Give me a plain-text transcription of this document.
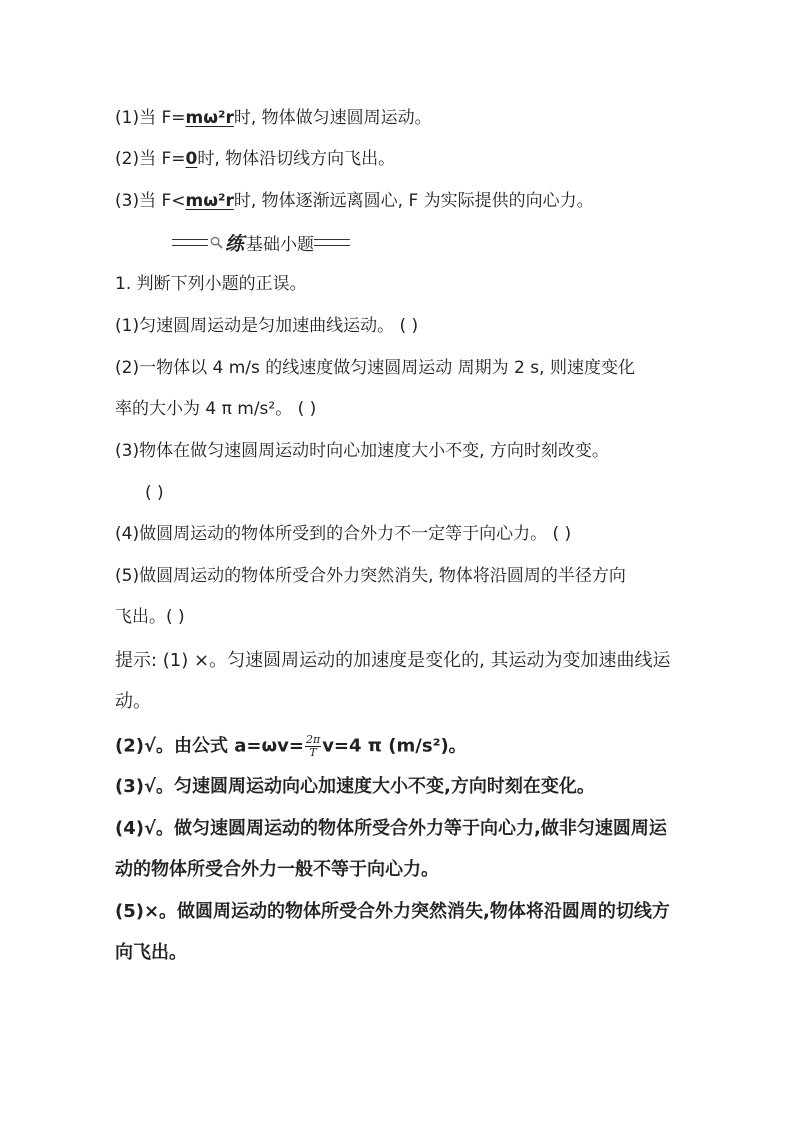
(1)当 F=mω²r时, 物体做匀速圆周运动。
(2)当 F=0时, 物体沿切线方向飞出。
(3)当 F<mω²r时, 物体逐渐远离圆心, F 为实际提供的向心力。
练 基础小题
1. 判断下列小题的正误。
(1)匀速圆周运动是匀加速曲线运动。 ( )
(2)一物体以 4 m/s 的线速度做匀速圆周运动 周期为 2 s, 则速度变化
率的大小为 4 π m/s²。 ( )
(3)物体在做匀速圆周运动时向心加速度大小不变, 方向时刻改变。
( )
(4)做圆周运动的物体所受到的合外力不一定等于向心力。 ( )
(5)做圆周运动的物体所受合外力突然消失, 物体将沿圆周的半径方向
飞出。( )
提示: (1) ×。匀速圆周运动的加速度是变化的, 其运动为变加速曲线运
动。
(2)√。由公式 $a=\omega v= \frac{2\pi}{T} v=4$ π (m/s²)。
(3)√。匀速圆周运动向心加速度大小不变,方向时刻在变化。
(4)√。做匀速圆周运动的物体所受合外力等于向心力,做非匀速圆周运
动的物体所受合外力一般不等于向心力。
(5)×。做圆周运动的物体所受合外力突然消失,物体将沿圆周的切线方
向飞出。
